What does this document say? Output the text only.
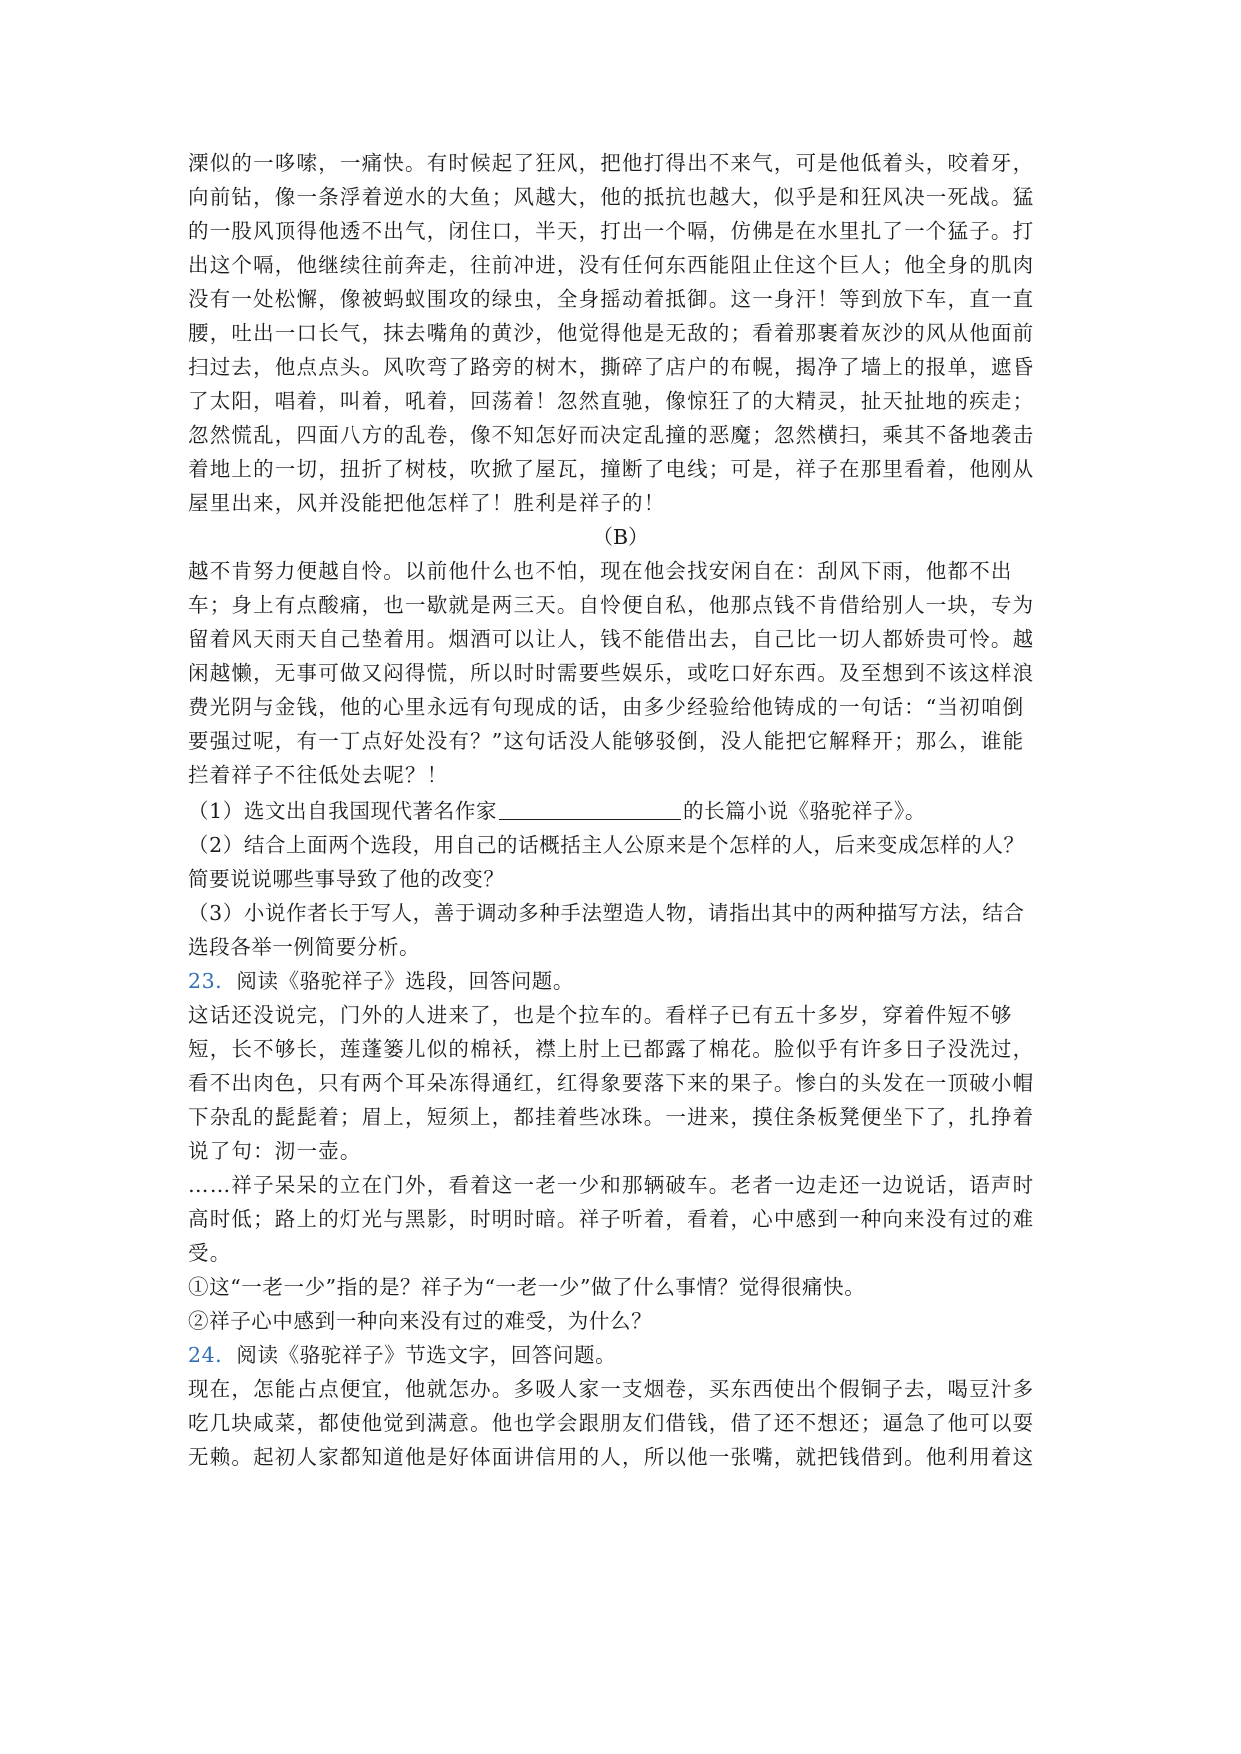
溧似的一哆嗦，一痛快。有时候起了狂风，把他打得出不来气，可是他低着头，咬着牙，
向前钻，像一条浮着逆水的大鱼；风越大，他的抵抗也越大，似乎是和狂风决一死战。猛
的一股风顶得他透不出气，闭住口，半天，打出一个嗝，仿佛是在水里扎了一个猛子。打
出这个嗝，他继续往前奔走，往前冲进，没有任何东西能阻止住这个巨人；他全身的肌肉
没有一处松懈，像被蚂蚁围攻的绿虫，全身摇动着抵御。这一身汗！等到放下车，直一直
腰，吐出一口长气，抹去嘴角的黄沙，他觉得他是无敌的；看着那裹着灰沙的风从他面前
扫过去，他点点头。风吹弯了路旁的树木，撕碎了店户的布幌，揭净了墙上的报单，遮昏
了太阳，唱着，叫着，吼着，回荡着！忽然直驰，像惊狂了的大精灵，扯天扯地的疾走；
忽然慌乱，四面八方的乱卷，像不知怎好而决定乱撞的恶魔；忽然横扫，乘其不备地袭击
着地上的一切，扭折了树枝，吹掀了屋瓦，撞断了电线；可是，祥子在那里看着，他刚从
屋里出来，风并没能把他怎样了！胜利是祥子的！
（B）
越不肯努力便越自怜。以前他什么也不怕，现在他会找安闲自在：刮风下雨，他都不出
车；身上有点酸痛，也一歇就是两三天。自怜便自私，他那点钱不肯借给别人一块，专为
留着风天雨天自己垫着用。烟酒可以让人，钱不能借出去，自己比一切人都娇贵可怜。越
闲越懒，无事可做又闷得慌，所以时时需要些娱乐，或吃口好东西。及至想到不该这样浪
费光阴与金钱，他的心里永远有句现成的话，由多少经验给他铸成的一句话：“当初咱倒
要强过呢，有一丁点好处没有？”这句话没人能够驳倒，没人能把它解释开；那么，谁能
拦着祥子不往低处去呢？！
（1）选文出自我国现代著名作家	的长篇小说《骆驼祥子》。
（2）结合上面两个选段，用自己的话概括主人公原来是个怎样的人，后来变成怎样的人？
简要说说哪些事导致了他的改变？
（3）小说作者长于写人，善于调动多种手法塑造人物，请指出其中的两种描写方法，结合
选段各举一例简要分析。
23．阅读《骆驼祥子》选段，回答问题。
这话还没说完，门外的人进来了，也是个拉车的。看样子已有五十多岁，穿着件短不够
短，长不够长，莲蓬篓儿似的棉袄，襟上肘上已都露了棉花。脸似乎有许多日子没洗过，
看不出肉色，只有两个耳朵冻得通红，红得象要落下来的果子。惨白的头发在一顶破小帽
下杂乱的髭髭着；眉上，短须上，都挂着些冰珠。一进来，摸住条板凳便坐下了，扎挣着
说了句：沏一壶。
……祥子呆呆的立在门外，看着这一老一少和那辆破车。老者一边走还一边说话，语声时
高时低；路上的灯光与黑影，时明时暗。祥子听着，看着，心中感到一种向来没有过的难
受。
①这“一老一少”指的是？祥子为“一老一少”做了什么事情？觉得很痛快。
②祥子心中感到一种向来没有过的难受，为什么？
24．阅读《骆驼祥子》节选文字，回答问题。
现在，怎能占点便宜，他就怎办。多吸人家一支烟卷，买东西使出个假铜子去，喝豆汁多
吃几块咸菜，都使他觉到满意。他也学会跟朋友们借钱，借了还不想还；逼急了他可以耍
无赖。起初人家都知道他是好体面讲信用的人，所以他一张嘴，就把钱借到。他利用着这
